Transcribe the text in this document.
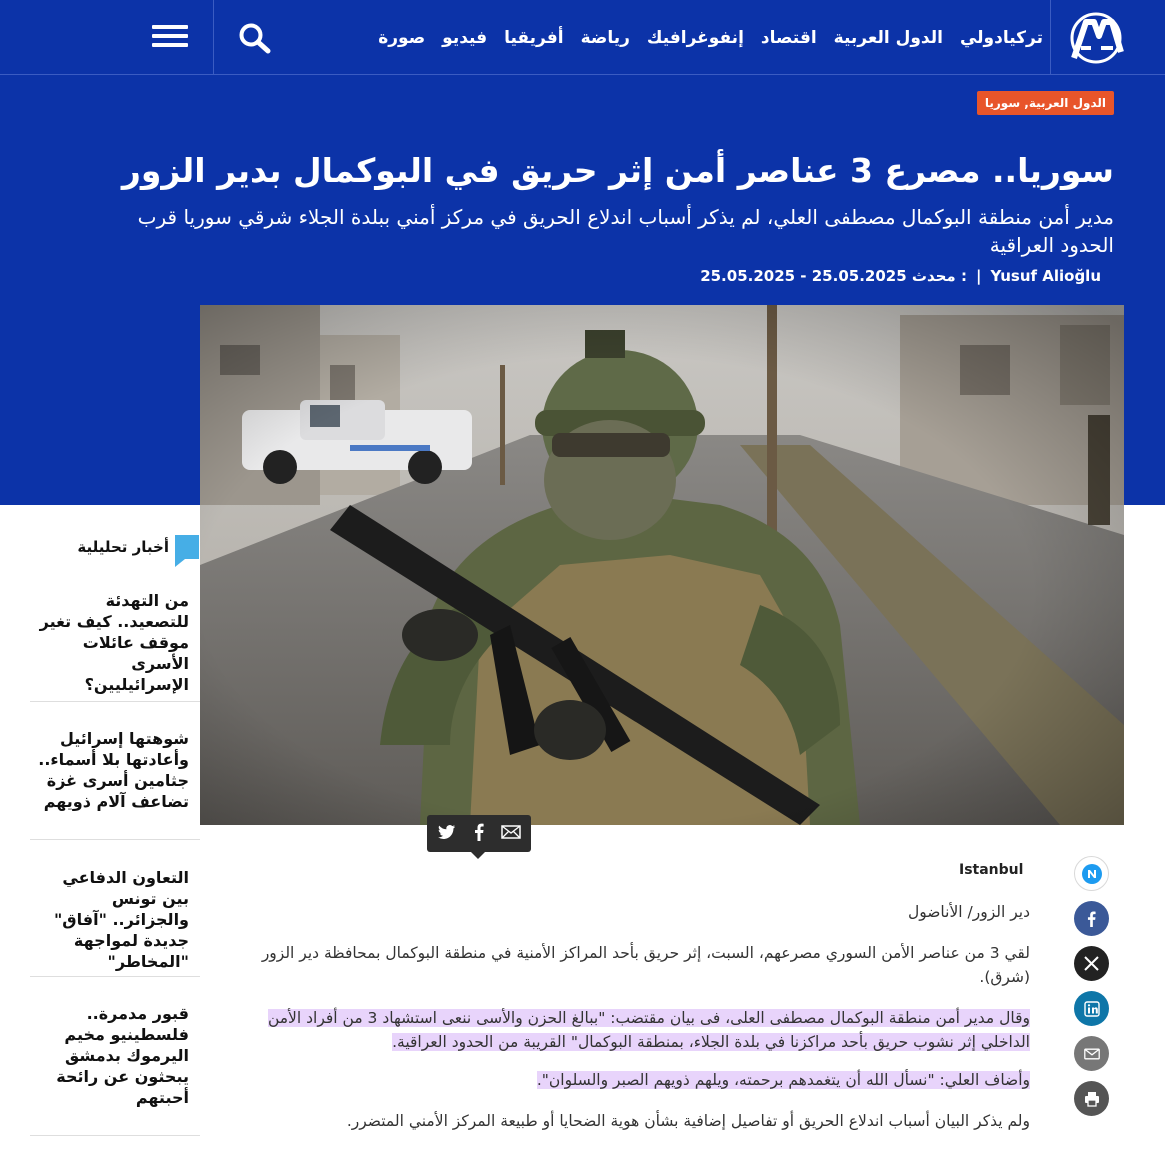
تركيا
دولي
الدول العربية
اقتصاد
إنفوغرافيك
رياضة
أفريقيا
فيديو
صورة
الدول العربية, سوريا
سوريا.. مصرع 3 عناصر أمن إثر حريق في البوكمال بدير الزور
مدير أمن منطقة البوكمال مصطفى العلي، لم يذكر أسباب اندلاع الحريق في مركز أمني ببلدة الجلاء شرقي سوريا قرب الحدود العراقية
25.05.2025 - 25.05.2025 محدث : | Yusuf Alioğlu
أخبار تحليلية
من التهدئة للتصعيد.. كيف تغير موقف عائلات الأسرى الإسرائيليين؟
شوهتها إسرائيل وأعادتها بلا أسماء.. جثامين أسرى غزة تضاعف آلام ذويهم
التعاون الدفاعي بين تونس والجزائر.. "آفاق" جديدة لمواجهة "المخاطر"
قبور مدمرة.. فلسطينيو مخيم اليرموك بدمشق يبحثون عن رائحة أحبتهم
Istanbul

دير الزور/ الأناضول

لقي 3 من عناصر الأمن السوري مصرعهم، السبت، إثر حريق بأحد المراكز الأمنية في منطقة البوكمال بمحافظة دير الزور (شرق).

وقال مدير أمن منطقة البوكمال مصطفى العلى، فى بيان مقتضب: "ببالغ الحزن والأسى ننعى استشهاد 3 من أفراد الأمن الداخلي إثر نشوب حريق بأحد مراكزنا في بلدة الجلاء، بمنطقة البوكمال" القريبة من الحدود العراقية.

وأضاف العلي: "نسأل الله أن يتغمدهم برحمته، ويلهم ذويهم الصبر والسلوان".

ولم يذكر البيان أسباب اندلاع الحريق أو تفاصيل إضافية بشأن هوية الضحايا أو طبيعة المركز الأمني المتضرر.
